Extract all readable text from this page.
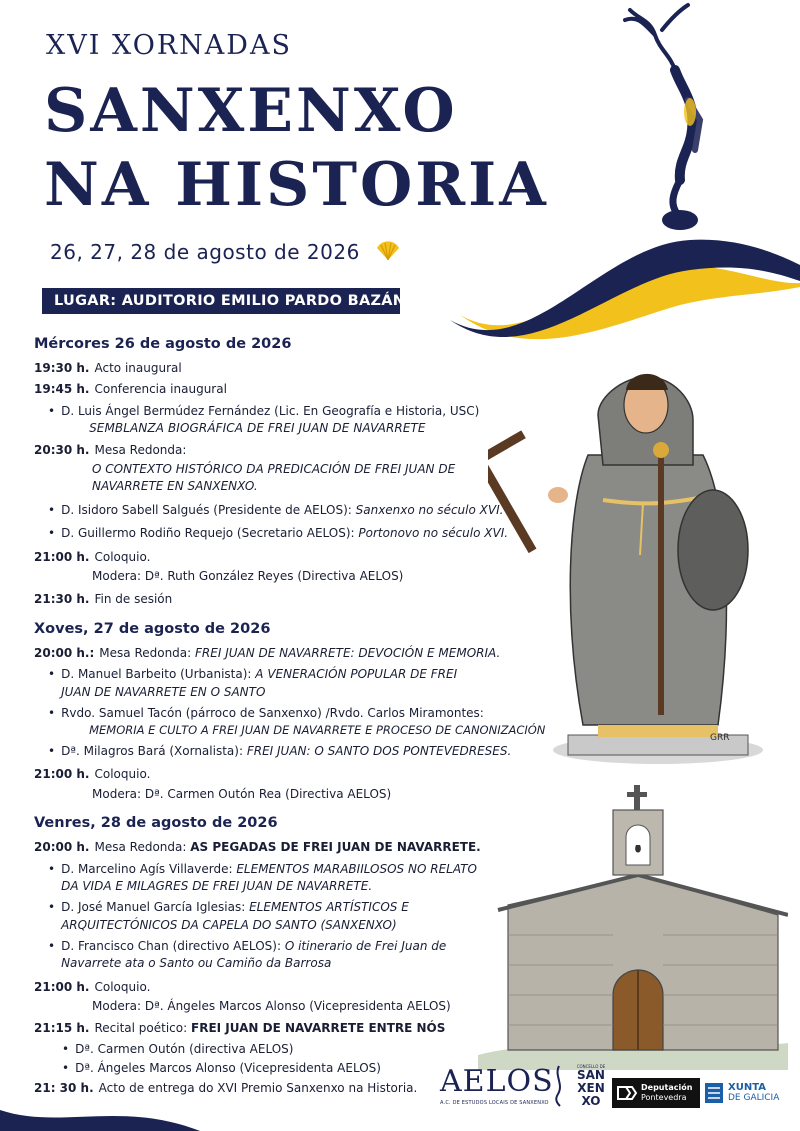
XVI XORNADAS
SANXENXO
NA HISTORIA
26, 27, 28 de agosto de 2026
LUGAR: AUDITORIO EMILIO PARDO BAZÁN
GRR
Mércores 26 de agosto de 2026
19:30 h. Acto inaugural
19:45 h. Conferencia inaugural
• D. Luis Ángel Bermúdez Fernández (Lic. En Geografía e Historia, USC)
SEMBLANZA BIOGRÁFICA DE FREI JUAN DE NAVARRETE
20:30 h. Mesa Redonda:
O CONTEXTO HISTÓRICO DA PREDICACIÓN DE FREI JUAN DE
NAVARRETE EN SANXENXO.
• D. Isidoro Sabell Salgués (Presidente de AELOS):
Sanxenxo no século XVI.
• D. Guillermo Rodiño Requejo (Secretario AELOS):
Portonovo no século XVI.
21:00 h. Coloquio.
Modera: Dª. Ruth González Reyes (Directiva AELOS)
21:30 h. Fin de sesión
Xoves, 27 de agosto de 2026
20:00 h.: Mesa Redonda:
FREI JUAN DE NAVARRETE: DEVOCIÓN E MEMORIA.
• D. Manuel Barbeito (Urbanista): A VENERACIÓN POPULAR DE FREI
JUAN DE NAVARRETE EN O SANTO
• Rvdo. Samuel Tacón (párroco de Sanxenxo) /Rvdo. Carlos Miramontes:
MEMORIA E CULTO A FREI JUAN DE NAVARRETE E PROCESO DE CANONIZACIÓN
• Dª. Milagros Bará (Xornalista):
FREI JUAN: O SANTO DOS PONTEVEDRESES.
21:00 h. Coloquio.
Modera: Dª. Carmen Outón Rea (Directiva AELOS)
Venres, 28 de agosto de 2026
20:00 h. Mesa Redonda:
AS PEGADAS DE FREI JUAN DE NAVARRETE.
• D. Marcelino Agís Villaverde: ELEMENTOS MARABIILOSOS NO RELATO
DA VIDA E MILAGRES DE FREI JUAN DE NAVARRETE.
• D. José Manuel García Iglesias: ELEMENTOS ARTÍSTICOS E
ARQUITECTÓNICOS DA CAPELA DO SANTO (SANXENXO)
• D. Francisco Chan (directivo AELOS): O itinerario de Frei Juan de
Navarrete ata o Santo ou Camiño da Barrosa
21:00 h. Coloquio.
Modera: Dª. Ángeles Marcos Alonso (Vicepresidenta AELOS)
21:15 h. Recital poético:
FREI JUAN DE NAVARRETE ENTRE NÓS
• Dª. Carmen Outón (directiva AELOS)
• Dª. Ángeles Marcos Alonso (Vicepresidenta AELOS)
21: 30 h. Acto de entrega do XVI Premio Sanxenxo na Historia. AELOS
A.C. DE ESTUDOS LOCAIS DE SANXENXO
CONCELLO DE
SAN
XEN
XO
Deputación
Pontevedra
XUNTA
DE GALICIA
